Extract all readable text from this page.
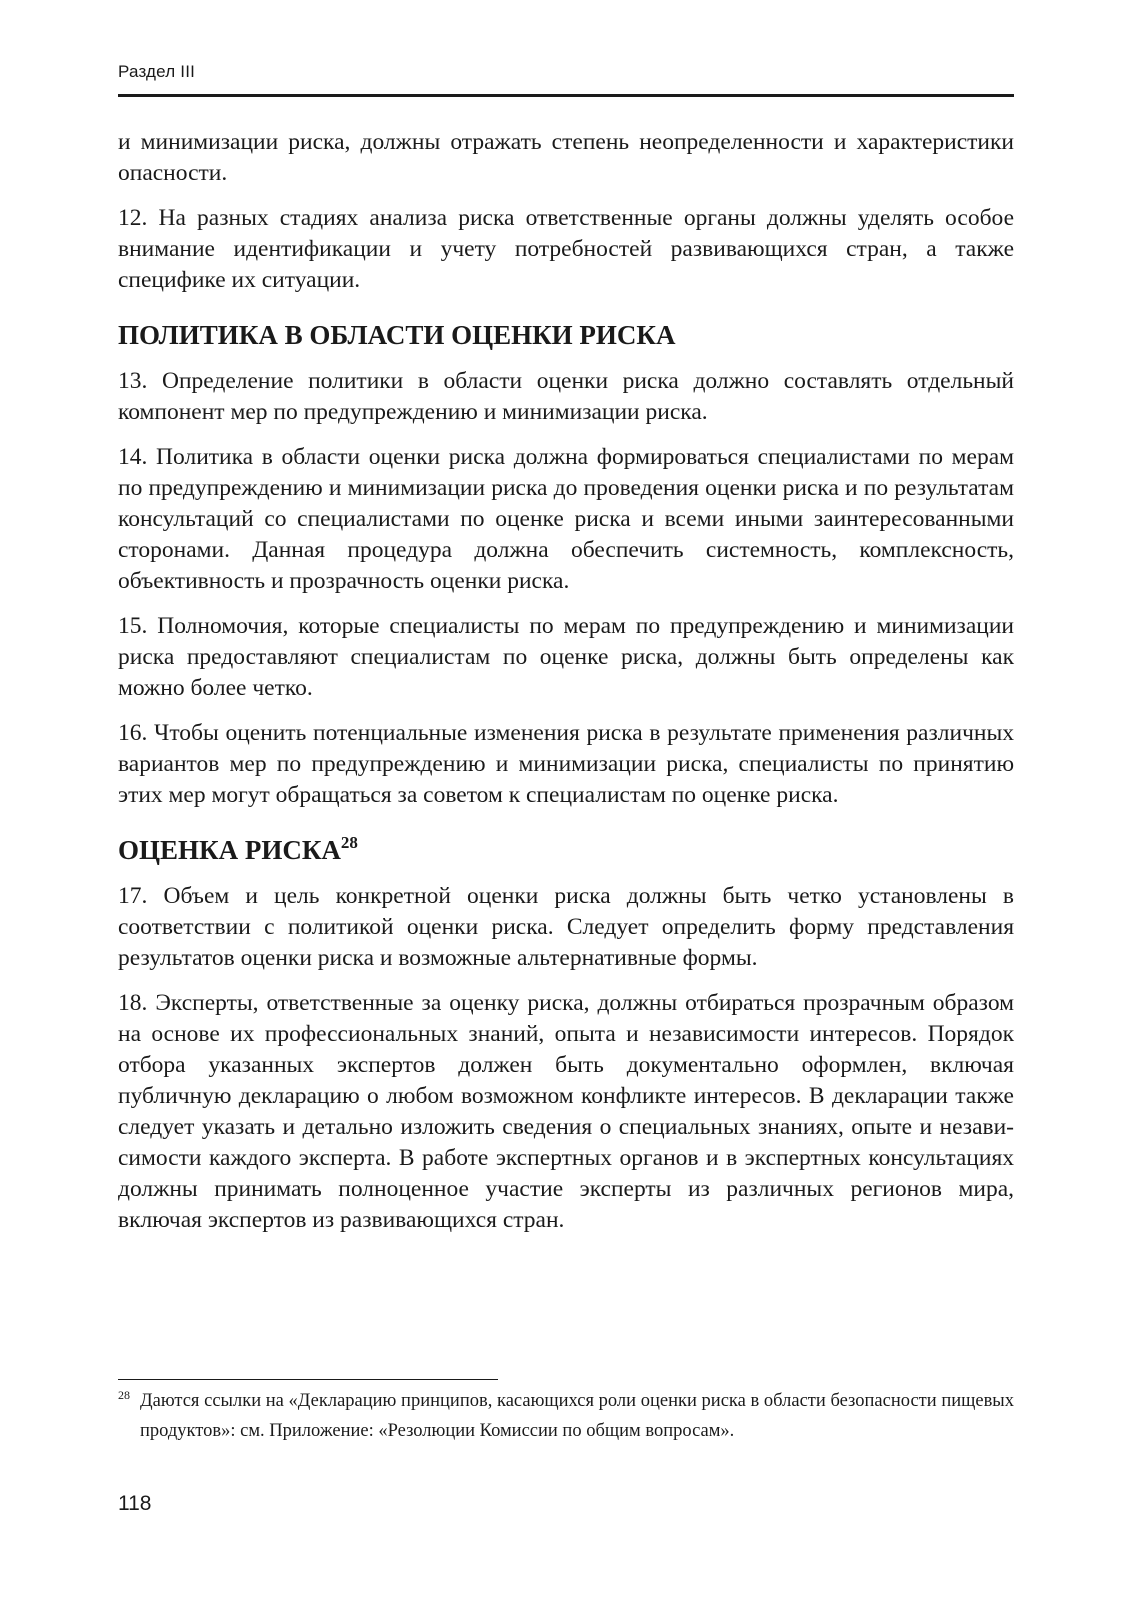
Раздел III

и минимизации риска, должны отражать степень неопределенности и характеристики опасности.

12. На разных стадиях анализа риска ответственные органы должны уделять особое внимание идентификации и учету потребностей развивающихся стран, а также специфике их ситуации.

ПОЛИТИКА В ОБЛАСТИ ОЦЕНКИ РИСКА

13. Определение политики в области оценки риска должно составлять отдельный компонент мер по предупреждению и минимизации риска.

14. Политика в области оценки риска должна формироваться специалистами по мерам по предупреждению и минимизации риска до проведения оценки риска и по результатам консультаций со специалистами по оценке риска и всеми иными заинтересованными сторонами. Данная процедура должна обеспечить системность, комплексность, объективность и прозрачность оценки риска.

15. Полномочия, которые специалисты по мерам по предупреждению и минимизации риска предоставляют специалистам по оценке риска, должны быть определены как можно более четко.

16. Чтобы оценить потенциальные изменения риска в результате применения различных вариантов мер по предупреждению и минимизации риска, специалисты по принятию этих мер могут обращаться за советом к специалистам по оценке риска.

ОЦЕНКА РИСКА$^{28}$

17. Объем и цель конкретной оценки риска должны быть четко установлены в соответствии с политикой оценки риска. Следует определить форму представления результатов оценки риска и возможные альтернативные формы.

18. Эксперты, ответственные за оценку риска, должны отбираться прозрачным образом на основе их профессиональных знаний, опыта и независимости интересов. Порядок отбора указанных экспертов должен быть документально оформлен, включая публичную декларацию о любом возможном конфликте интересов. В декларации также следует указать и детально изложить сведения о специальных знаниях, опыте и независимости каждого эксперта. В работе экспертных органов и в экспертных консультациях должны принимать полноценное участие эксперты из различных регионов мира, включая экспертов из развивающихся стран.

$^{28}$ Даются ссылки на «Декларацию принципов, касающихся роли оценки риска в области безопасности пищевых продуктов»: см. Приложение: «Резолюции Комиссии по общим вопросам».
118
